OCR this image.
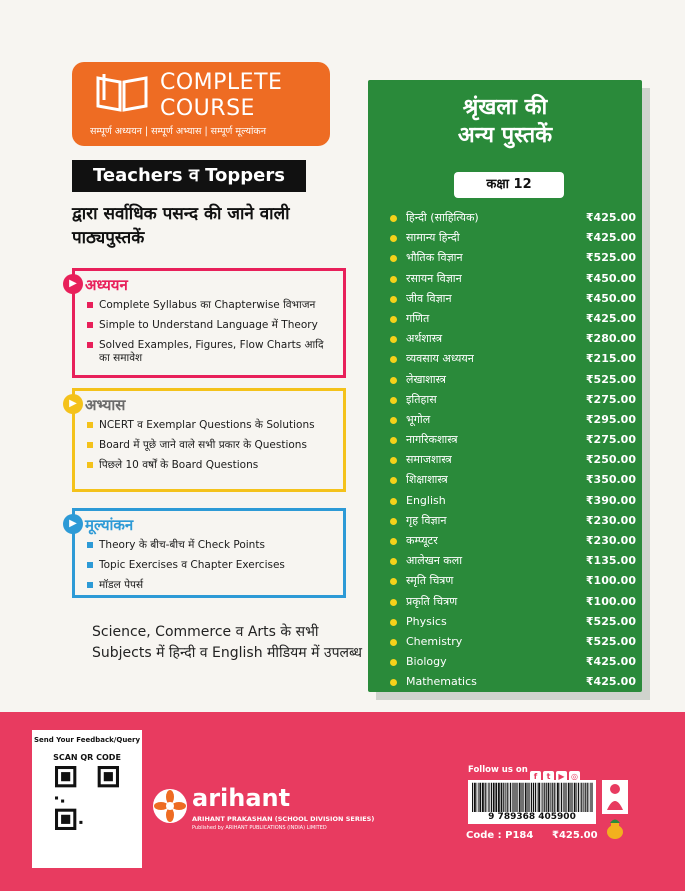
COMPLETE
COURSE
सम्पूर्ण अध्ययन | सम्पूर्ण अभ्यास | सम्पूर्ण मूल्यांकन
Teachers व Toppers
द्वारा सर्वाधिक पसन्द की जाने वाली पाठ्यपुस्तकें
▶ अध्ययन
Complete Syllabus का Chapterwise विभाजन
Simple to Understand Language में Theory
Solved Examples, Figures, Flow Charts आदि का समावेश
▶ अभ्यास
NCERT व Exemplar Questions के Solutions
Board में पूछे जाने वाले सभी प्रकार के Questions
पिछले 10 वर्षों के Board Questions
▶ मूल्यांकन
Theory के बीच-बीच में Check Points
Topic Exercises व Chapter Exercises
मॉडल पेपर्स
Science, Commerce व Arts के सभी Subjects में हिन्दी व English मीडियम में उपलब्ध
श्रृंखला की
अन्य पुस्तकें
कक्षा 12
हिन्दी (साहित्यिक)	₹425.00
सामान्य हिन्दी	₹425.00
भौतिक विज्ञान	₹525.00
रसायन विज्ञान	₹450.00
जीव विज्ञान	₹450.00
गणित	₹425.00
अर्थशास्त्र	₹280.00
व्यवसाय अध्ययन	₹215.00
लेखाशास्त्र	₹525.00
इतिहास	₹275.00
भूगोल	₹295.00
नागरिकशास्त्र	₹275.00
समाजशास्त्र	₹250.00
शिक्षाशास्त्र	₹350.00
English	₹390.00
गृह विज्ञान	₹230.00
कम्प्यूटर	₹230.00
आलेखन कला	₹135.00
स्मृति चित्रण	₹100.00
प्रकृति चित्रण	₹100.00
Physics	₹525.00
Chemistry	₹525.00
Biology	₹425.00
Mathematics	₹425.00
Send Your Feedback/Query
SCAN QR CODE
arihant
ARIHANT PRAKASHAN (SCHOOL DIVISION SERIES)
Published by ARIHANT PUBLICATIONS (INDIA) LIMITED
Follow us on
f t ▶ ◎
9 789368 405900
Code : P184 ₹425.00
